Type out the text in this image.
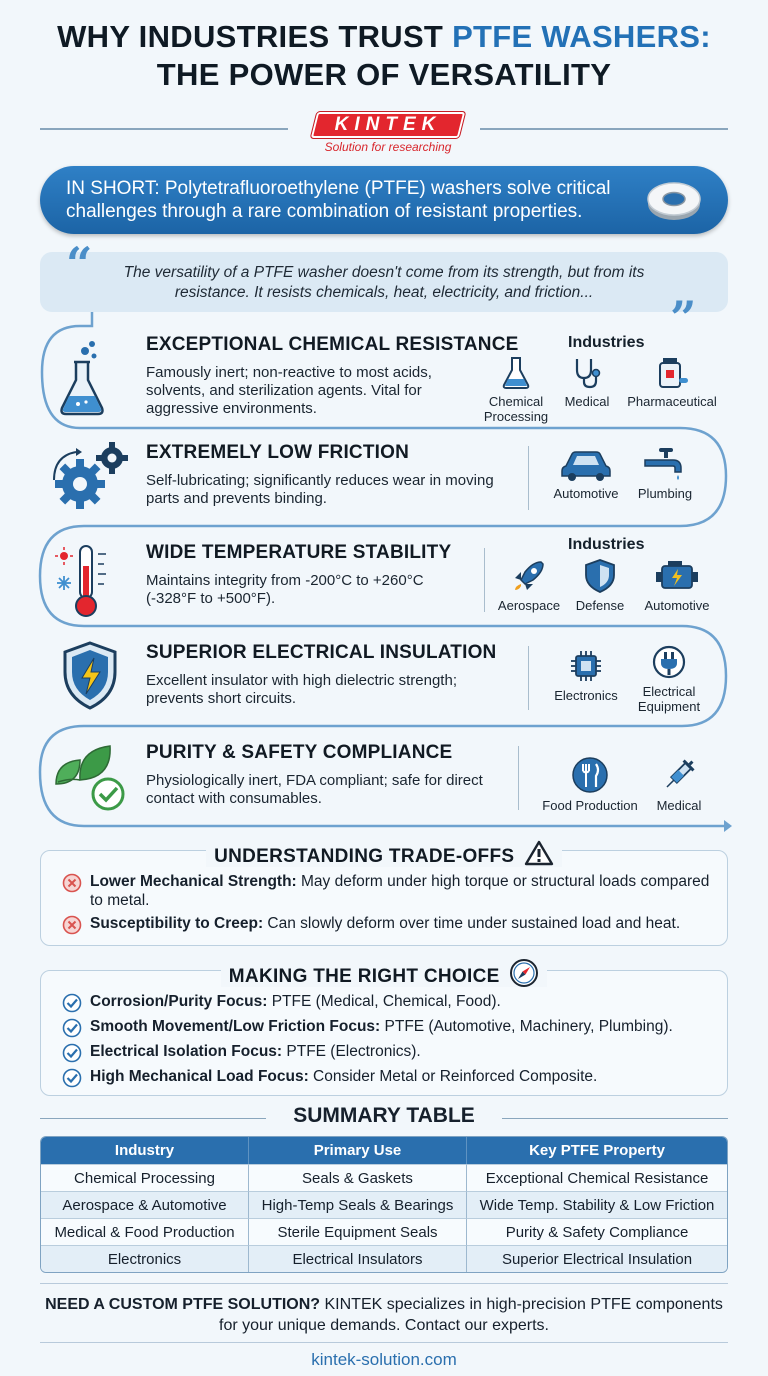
WHY INDUSTRIES TRUST PTFE WASHERS:
THE POWER OF VERSATILITY
KINTEK
Solution for researching
IN SHORT: Polytetrafluoroethylene (PTFE) washers solve critical challenges through a rare combination of resistant properties.
The versatility of a PTFE washer doesn't come from its strength, but from its resistance. It resists chemicals, heat, electricity, and friction...
“
”
EXCEPTIONAL CHEMICAL RESISTANCE
Famously inert; non-reactive to most acids, solvents, and sterilization agents. Vital for aggressive environments.
Industries
Chemical Processing
Medical	Pharmaceutical
EXTREMELY LOW FRICTION
Self-lubricating; significantly reduces wear in moving parts and prevents binding.	Automotive	Plumbing
WIDE TEMPERATURE STABILITY
Maintains integrity from -200°C to +260°C (-328°F to +500°F).
Industries
Aerospace	Defense	Automotive
SUPERIOR ELECTRICAL INSULATION
Excellent insulator with high dielectric strength; prevents short circuits.	Electronics	Electrical Equipment
PURITY & SAFETY COMPLIANCE
Physiologically inert, FDA compliant; safe for direct contact with consumables.	Food Production	Medical
UNDERSTANDING TRADE-OFFS
Lower Mechanical Strength: May deform under high torque or structural loads compared to metal.
Susceptibility to Creep: Can slowly deform over time under sustained load and heat.
MAKING THE RIGHT CHOICE
Corrosion/Purity Focus: PTFE (Medical, Chemical, Food).
Smooth Movement/Low Friction Focus: PTFE (Automotive, Machinery, Plumbing).
Electrical Isolation Focus: PTFE (Electronics).
High Mechanical Load Focus: Consider Metal or Reinforced Composite.
SUMMARY TABLE
Industry	Primary Use	Key PTFE Property
Chemical Processing	Seals & Gaskets	Exceptional Chemical Resistance
Aerospace & Automotive	High-Temp Seals & Bearings	Wide Temp. Stability & Low Friction
Medical & Food Production	Sterile Equipment Seals	Purity & Safety Compliance
Electronics	Electrical Insulators	Superior Electrical Insulation
NEED A CUSTOM PTFE SOLUTION? KINTEK specializes in high-precision PTFE components for your unique demands. Contact our experts.
kintek-solution.com
